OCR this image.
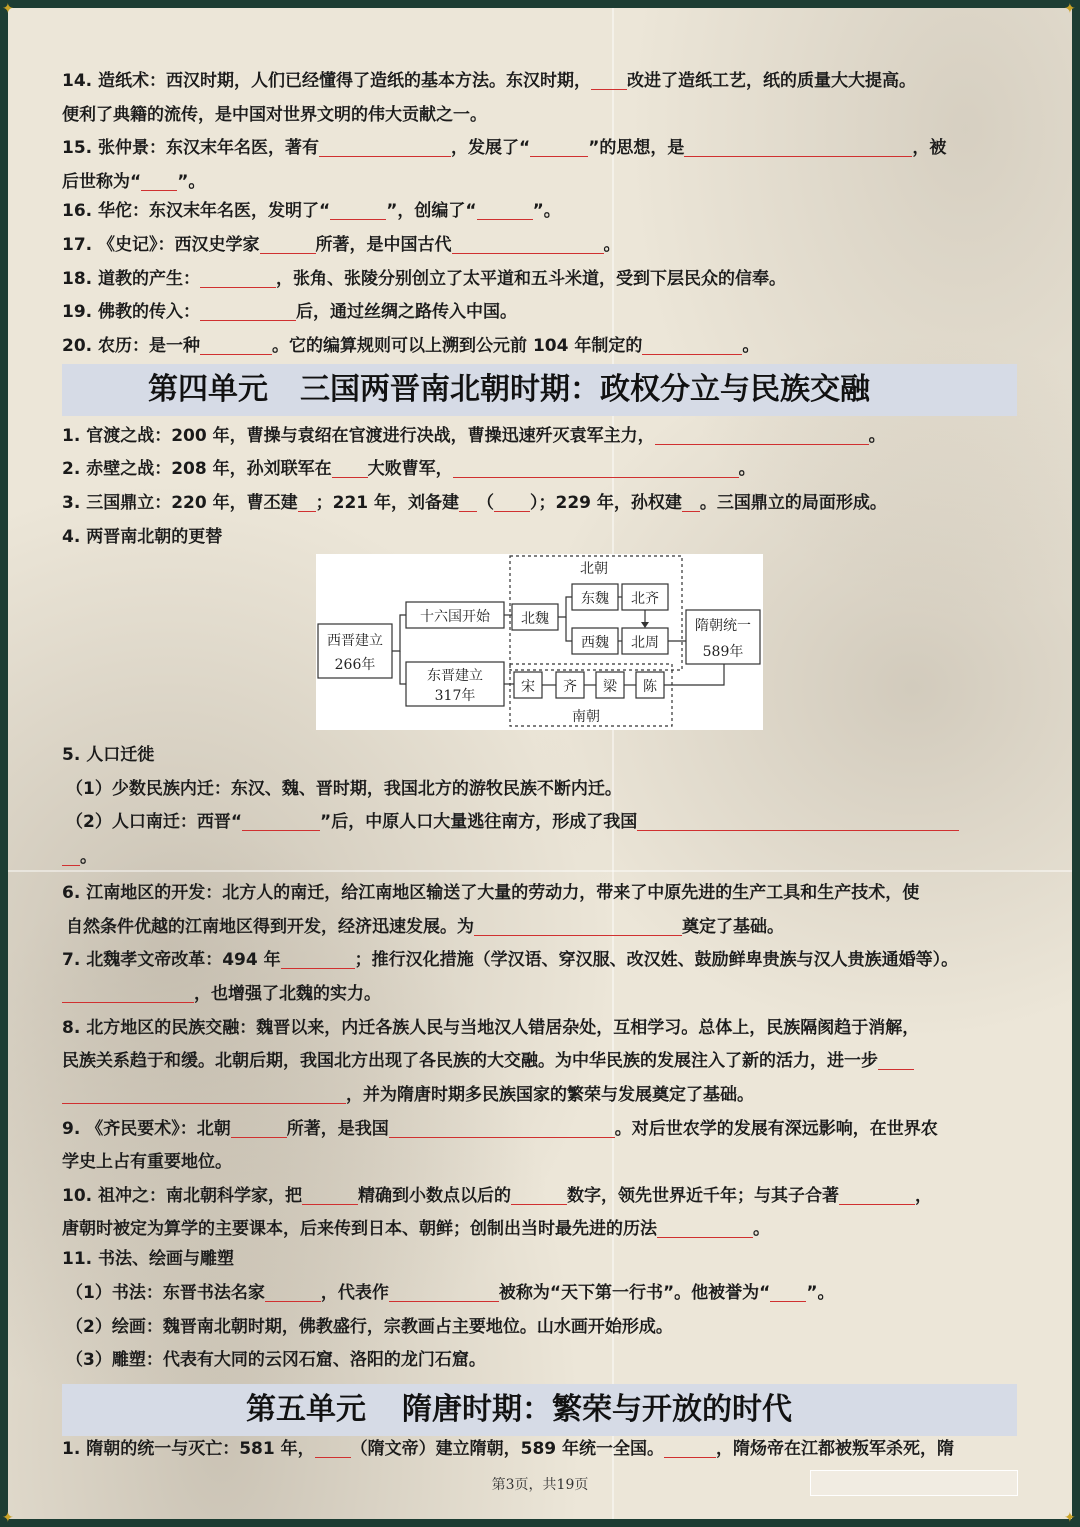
✦	✦
✦	✦
14. 造纸术：西汉时期，人们已经懂得了造纸的基本方法。东汉时期， 改进了造纸工艺，纸的质量大大提高。
便利了典籍的流传，是中国对世界文明的伟大贡献之一。
15. 张仲景：东汉末年名医，著有	，发展了“	”的思想，是	，被
后世称为“ ”。
16. 华佗：东汉末年名医，发明了“	”，创编了“	”。
17. 《史记》：西汉史学家	所著，是中国古代	。
18. 道教的产生：	，张角、张陵分别创立了太平道和五斗米道，受到下层民众的信奉。
19. 佛教的传入：	后，通过丝绸之路传入中国。
20. 农历：是一种	。它的编算规则可以上溯到公元前 104 年制定的	。
第四单元 三国两晋南北朝时期：政权分立与民族交融
1. 官渡之战：200 年，曹操与袁绍在官渡进行决战，曹操迅速歼灭袁军主力，	。
2. 赤壁之战：208 年，孙刘联军在 大败曹军，	。
3. 三国鼎立：220 年，曹丕建 ；221 年，刘备建 （ ）；229 年，孙权建 。三国鼎立的局面形成。
4. 两晋南北朝的更替
西晋建立
266年
十六国开始
东晋建立
317年
北朝
北魏
东魏 北齐
西魏 北周
隋朝统一
589年
宋 齐 梁 陈
南朝
5. 人口迁徙
（1）少数民族内迁：东汉、魏、晋时期，我国北方的游牧民族不断内迁。
（2）人口南迁：西晋“	”后，中原人口大量逃往南方，形成了我国
。
6. 江南地区的开发：北方人的南迁，给江南地区输送了大量的劳动力，带来了中原先进的生产工具和生产技术，使
自然条件优越的江南地区得到开发，经济迅速发展。为	奠定了基础。
7. 北魏孝文帝改革：494 年	；推行汉化措施（学汉语、穿汉服、改汉姓、鼓励鲜卑贵族与汉人贵族通婚等）。
，也增强了北魏的实力。
8. 北方地区的民族交融：魏晋以来，内迁各族人民与当地汉人错居杂处，互相学习。总体上，民族隔阂趋于消解，
民族关系趋于和缓。北朝后期，我国北方出现了各民族的大交融。为中华民族的发展注入了新的活力，进一步
，并为隋唐时期多民族国家的繁荣与发展奠定了基础。
9. 《齐民要术》：北朝	所著，是我国	。对后世农学的发展有深远影响，在世界农
学史上占有重要地位。
10. 祖冲之：南北朝科学家，把	精确到小数点以后的	数字，领先世界近千年；与其子合著	，
唐朝时被定为算学的主要课本，后来传到日本、朝鲜；创制出当时最先进的历法	。
11. 书法、绘画与雕塑
（1）书法：东晋书法名家	，代表作	被称为“天下第一行书”。他被誉为“ ”。
（2）绘画：魏晋南北朝时期，佛教盛行，宗教画占主要地位。山水画开始形成。
（3）雕塑：代表有大同的云冈石窟、洛阳的龙门石窟。
第五单元 隋唐时期：繁荣与开放的时代
1. 隋朝的统一与灭亡：581 年， （隋文帝）建立隋朝，589 年统一全国。	，隋炀帝在江都被叛军杀死，隋
第3页，共19页
